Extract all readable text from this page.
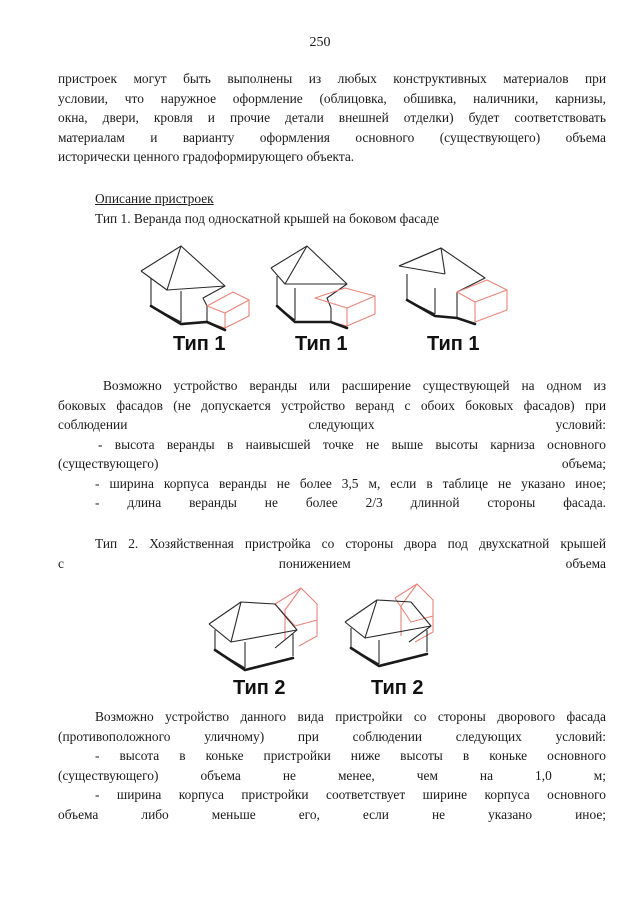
250
пристроек могут быть выполнены из любых конструктивных материалов при
условии, что наружное оформление (облицовка, обшивка, наличники, карнизы,
окна, двери, кровля и прочие детали внешней отделки) будет соответствовать
материалам и варианту оформления основного (существующего) объема
исторически ценного градоформирующего объекта.
Описание пристроек
Тип 1. Веранда под односкатной крышей на боковом фасаде
Тип 1	Тип 1	Тип 1
Возможно устройство веранды или расширение существующей на одном из
боковых фасадов (не допускается устройство веранд с обоих боковых фасадов) при
соблюдении следующих условий:
- высота веранды в наивысшей точке не выше высоты карниза основного
(существующего) объема;
- ширина корпуса веранды не более 3,5 м, если в таблице не указано иное;
- длина веранды не более 2/3 длинной стороны фасада.
Тип 2. Хозяйственная пристройка со стороны двора под двухскатной крышей
с понижением объема
Тип 2	Тип 2
Возможно устройство данного вида пристройки со стороны дворового фасада
(противоположного уличному) при соблюдении следующих условий:
- высота в коньке пристройки ниже высоты в коньке основного
(существующего) объема не менее, чем на 1,0 м;
- ширина корпуса пристройки соответствует ширине корпуса основного
объема либо меньше его, если не указано иное;
